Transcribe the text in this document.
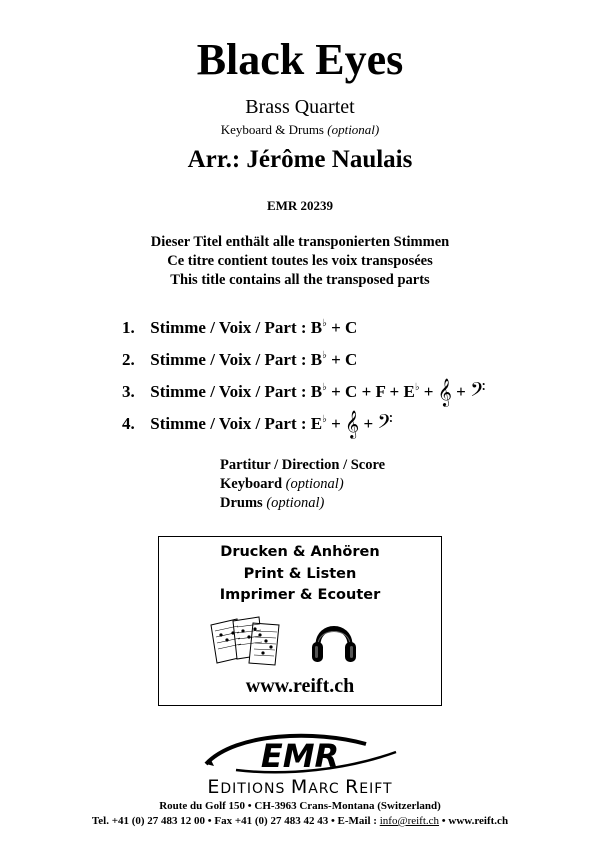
Black Eyes
Brass Quartet
Keyboard & Drums (optional)
Arr.: Jérôme Naulais
EMR 20239
Dieser Titel enthält alle transponierten Stimmen
Ce titre contient toutes les voix transposées
This title contains all the transposed parts
1. Stimme / Voix / Part : B♭ + C
2. Stimme / Voix / Part : B♭ + C
3. Stimme / Voix / Part : B♭ + C + F + E♭ + 𝄞 + 𝄢
4. Stimme / Voix / Part : E♭ + 𝄞 + 𝄢
Partitur / Direction / Score
Keyboard (optional)
Drums (optional)
Drucken & Anhören
Print & Listen
Imprimer & Ecouter
www.reift.ch
EMR
EDITIONS MARC REIFT
Route du Golf 150 • CH-3963 Crans-Montana (Switzerland)
Tel. +41 (0) 27 483 12 00 • Fax +41 (0) 27 483 42 43 • E-Mail : info@reift.ch • www.reift.ch
